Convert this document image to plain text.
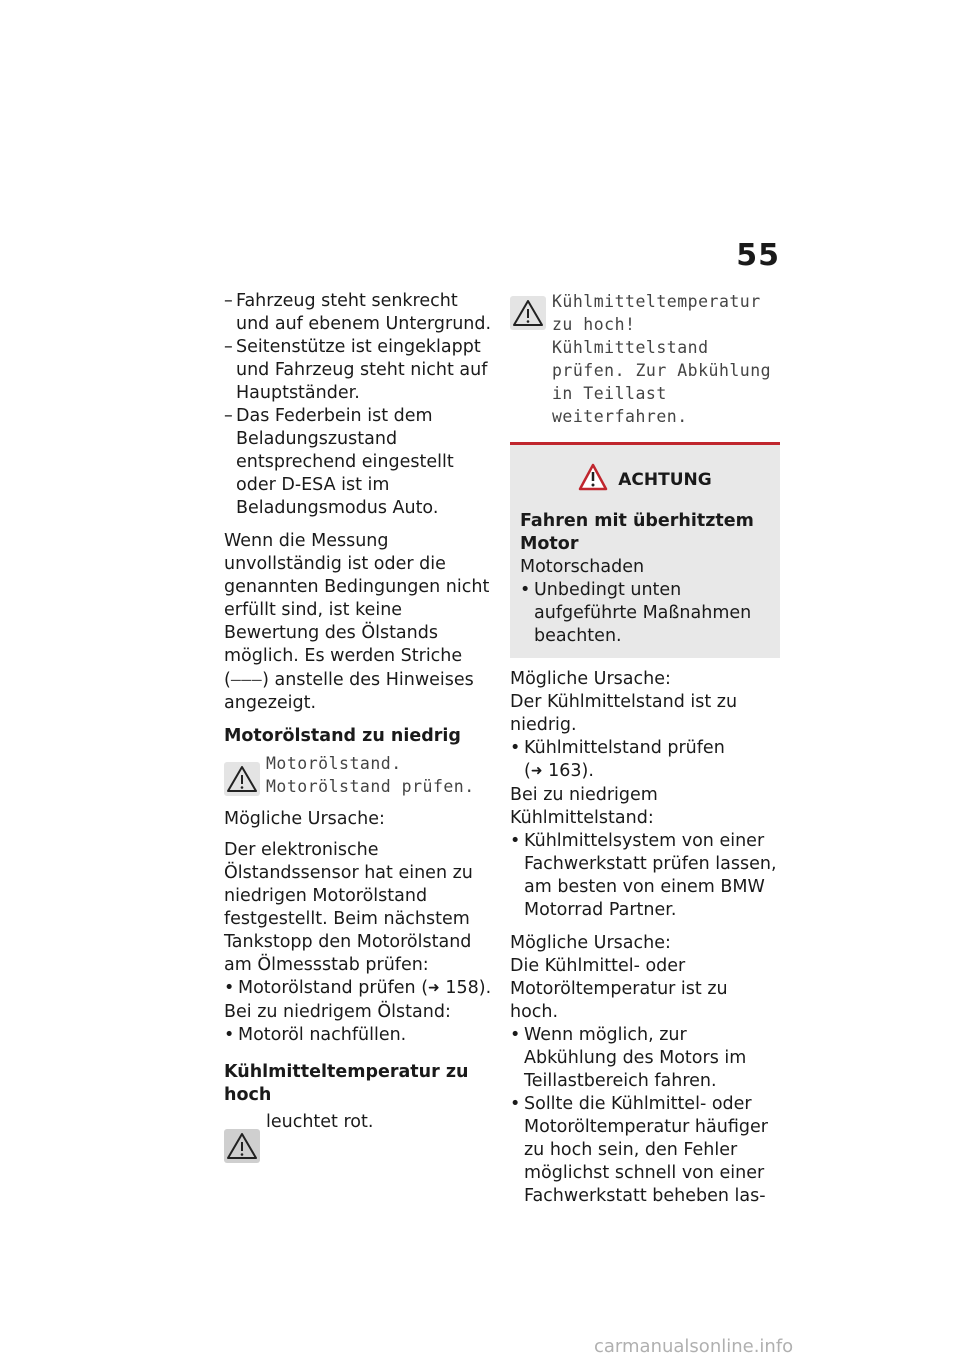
55
– Fahrzeug steht senkrecht und auf ebenem Untergrund.
– Seitenstütze ist eingeklappt und Fahrzeug steht nicht auf Hauptständer.
– Das Federbein ist dem Beladungszustand entsprechend eingestellt oder D-ESA ist im Beladungsmodus Auto.
Wenn die Messung unvollständig ist oder die genannten Bedingungen nicht erfüllt sind, ist keine Bewertung des Ölstands möglich. Es werden Striche (–––) anstelle des Hinweises angezeigt.
Motorölstand zu niedrig
Motorölstand. Motorölstand prüfen.
Mögliche Ursache:
Der elektronische Ölstandssensor hat einen zu niedrigen Motorölstand festgestellt. Beim nächstem Tankstopp den Motorölstand am Ölmessstab prüfen:
• Motorölstand prüfen (➜ 158).
Bei zu niedrigem Ölstand:
• Motoröl nachfüllen.
Kühlmitteltemperatur zu hoch
leuchtet rot.
Kühlmitteltemperatur zu hoch! Kühlmittelstand prüfen. Zur Abkühlung in Teillast weiterfahren.
ACHTUNG
Fahren mit überhitztem Motor
Motorschaden
• Unbedingt unten aufgeführte Maßnahmen beachten.
Mögliche Ursache:
Der Kühlmittelstand ist zu niedrig.
• Kühlmittelstand prüfen
(➜ 163).
Bei zu niedrigem Kühlmittelstand:
• Kühlmittelsystem von einer Fachwerkstatt prüfen lassen, am besten von einem BMW Motorrad Partner.
Mögliche Ursache:
Die Kühlmittel- oder Motoröltemperatur ist zu hoch.
• Wenn möglich, zur Abkühlung des Motors im Teillastbereich fahren.
• Sollte die Kühlmittel- oder Motoröltemperatur häufiger zu hoch sein, den Fehler möglichst schnell von einer Fachwerkstatt beheben las-
carmanualsonline.info
